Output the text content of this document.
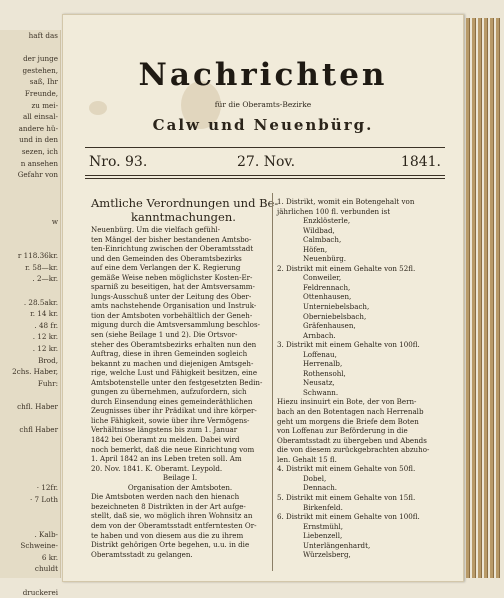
haft das

der junge
gestehen,
saß, Ihr
Freunde,
zu mei-
all einsal-
andere hü-
und in den
sezen, ich
n ansehen
Gefahr von

w

r 118.36kr.
r. 58—kr.
. 2—kr.

. 28.5akr.
r. 14 kr.
. 48 fr.
. 12 kr.
. 12 kr.
Brod,
2chs. Haber,
Fuhr:

chfl. Haber

chfl Haber

· 12fr.
· 7 Loth

. Kalb-
Schweine-
6 kr.
chuldt

druckerei
Nachrichten
für die Oberamts-Bezirke
Calw und Neuenbürg.
Nro. 93.	27. Nov.	1841.
Amtliche Verordnungen und Be-
kanntmachungen.
Neuenbürg. Um die vielfach gefühl-
ten Mängel der bisher bestandenen Amtsbo-
ten-Einrichtung zwischen der Oberamtsstadt
und den Gemeinden des Oberamtsbezirks
auf eine dem Verlangen der K. Regierung
gemäße Weise neben möglichster Kosten-Er-
sparniß zu beseitigen, hat der Amtsversamm-
lungs-Ausschuß unter der Leitung des Ober-
amts nachstehende Organisation und Instruk-
tion der Amtsboten vorbehältlich der Geneh-
migung durch die Amtsversammlung beschlos-
sen (siehe Beilage 1 und 2). Die Ortsvor-
steher des Oberamtsbezirks erhalten nun den
Auftrag, diese in ihren Gemeinden sogleich
bekannt zu machen und diejenigen Amtsgeh-
rige, welche Lust und Fähigkeit besitzen, eine
Amtsbotenstelle unter den festgesetzten Bedin-
gungen zu übernehmen, aufzufordern, sich
durch Einsendung eines gemeinderäthlichen
Zeugnisses über ihr Prädikat und ihre körper-
liche Fähigkeit, sowie über ihre Vermögens-
Verhältnisse längstens bis zum 1. Januar
1842 bei Oberamt zu melden. Dabei wird
noch bemerkt, daß die neue Einrichtung vom
1. April 1842 an ins Leben treten soll. Am
20. Nov. 1841. K. Oberamt. Leypold.
Beilage I.
Organisation der Amtsboten.
Die Amtsboten werden nach den hienach
bezeichneten 8 Distrikten in der Art aufge-
stellt, daß sie, wo möglich ihren Wohnsitz an
dem von der Oberamtsstadt entferntesten Or-
te haben und von diesem aus die zu ihrem
Distrikt gehörigen Orte begehen, u.u. in die
Oberamtsstadt zu gelangen.
1. Distrikt, womit ein Botengehalt von
jährlichen 100 fl. verbunden ist
Enzklösterle,
Wildbad,
Calmbach,
Höfen,
Neuenbürg.
2. Distrikt mit einem Gehalte von 52fl.
Conweiler,
Feldrennach,
Ottenhausen,
Unterniebelsbach,
Oberniebelsbach,
Gräfenhausen,
Arnbach.
3. Distrikt mit einem Gehalte von 100fl.
Loffenau,
Herrenalb,
Rothensohl,
Neusatz,
Schwann.
Hiezu insinuirt ein Bote, der von Bern-
bach an den Botentagen nach Herrenalb
geht um morgens die Briefe dem Boten
von Loffenau zur Beförderung in die
Oberamtsstadt zu übergeben und Abends
die von diesem zurückgebrachten abzuho-
len. Gehalt 15 fl.
4. Distrikt mit einem Gehalte von 50fl.
Dobel,
Dennach.
5. Distrikt mit einem Gehalte von 15fl.
Birkenfeld.
6. Distrikt mit einem Gehalte von 100fl.
Ernstmühl,
Liebenzell,
Unterlängenhardt,
Würzelsberg,
